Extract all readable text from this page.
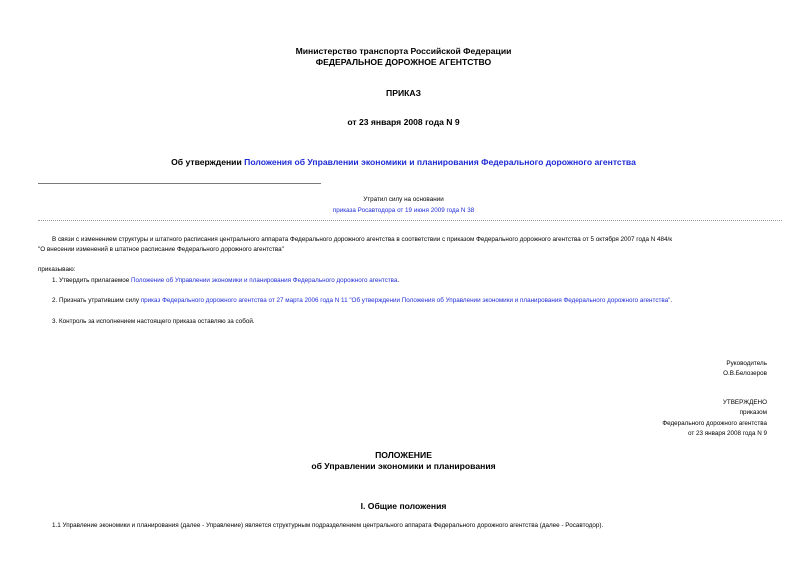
Министерство транспорта Российской Федерации
ФЕДЕРАЛЬНОЕ ДОРОЖНОЕ АГЕНТСТВО
ПРИКАЗ
от 23 января 2008 года N 9
Об утверждении Положения об Управлении экономики и планирования Федерального дорожного агентства
Утратил силу на основании
приказа Росавтодора от 19 июня 2009 года N 38
В связи с изменением структуры и штатного расписания центрального аппарата Федерального дорожного агентства в соответствии с приказом Федерального дорожного агентства от 5 октября 2007 года N 484/к
"О внесении изменений в штатное расписание Федерального дорожного агентства"
приказываю:
1. Утвердить прилагаемое Положение об Управлении экономики и планирования Федерального дорожного агентства.
2. Признать утратившим силу приказ Федерального дорожного агентства от 27 марта 2006 года N 11 "Об утверждении Положения об Управлении экономики и планирования Федерального дорожного агентства".
3. Контроль за исполнением настоящего приказа оставляю за собой.
Руководитель
О.В.Белозеров
УТВЕРЖДЕНО
приказом
Федерального дорожного агентства
от 23 января 2008 года N 9
ПОЛОЖЕНИЕ
об Управлении экономики и планирования
I. Общие положения
1.1 Управление экономики и планирования (далее - Управление) является структурным подразделением центрального аппарата Федерального дорожного агентства (далее - Росавтодор).
